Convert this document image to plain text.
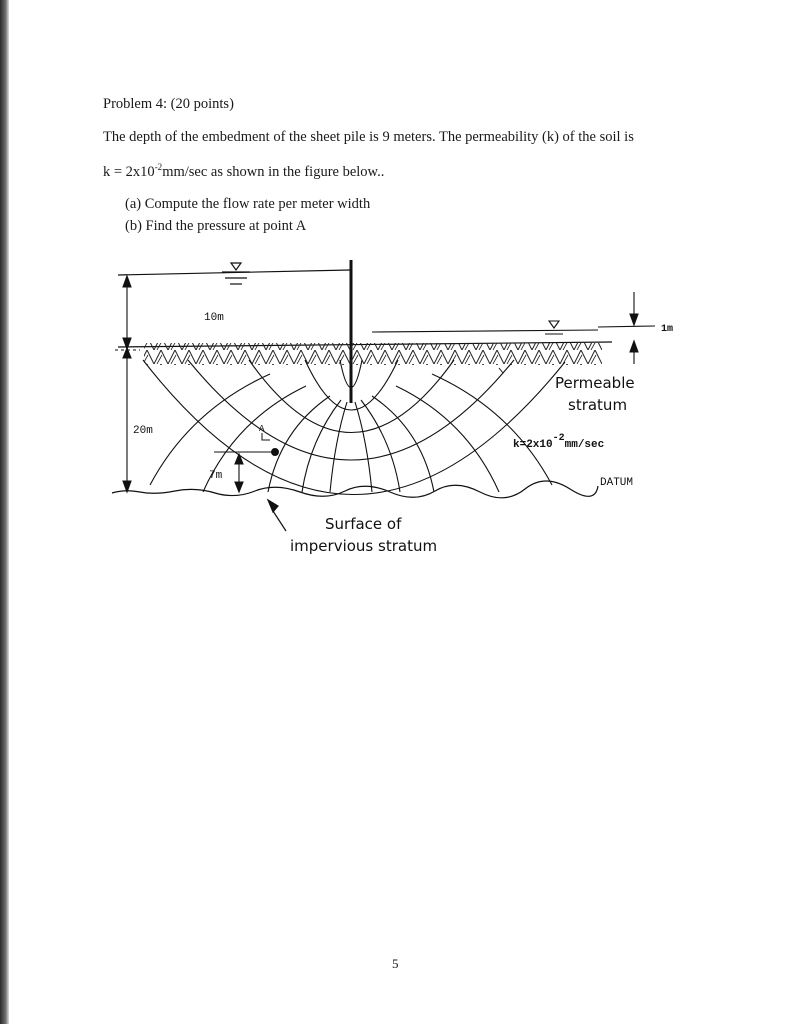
Problem 4: (20 points)
The depth of the embedment of the sheet pile is 9 meters. The permeability (k) of the soil is
$k = 2x10^{-2}mm/\sec$ as shown in the figure below..
(a) Compute the flow rate per meter width
(b) Find the pressure at point A
A
10m
1m
20m
7m
Permeable
stratum
k=2x10-2mm/sec
DATUM
Surface of
impervious stratum
5
